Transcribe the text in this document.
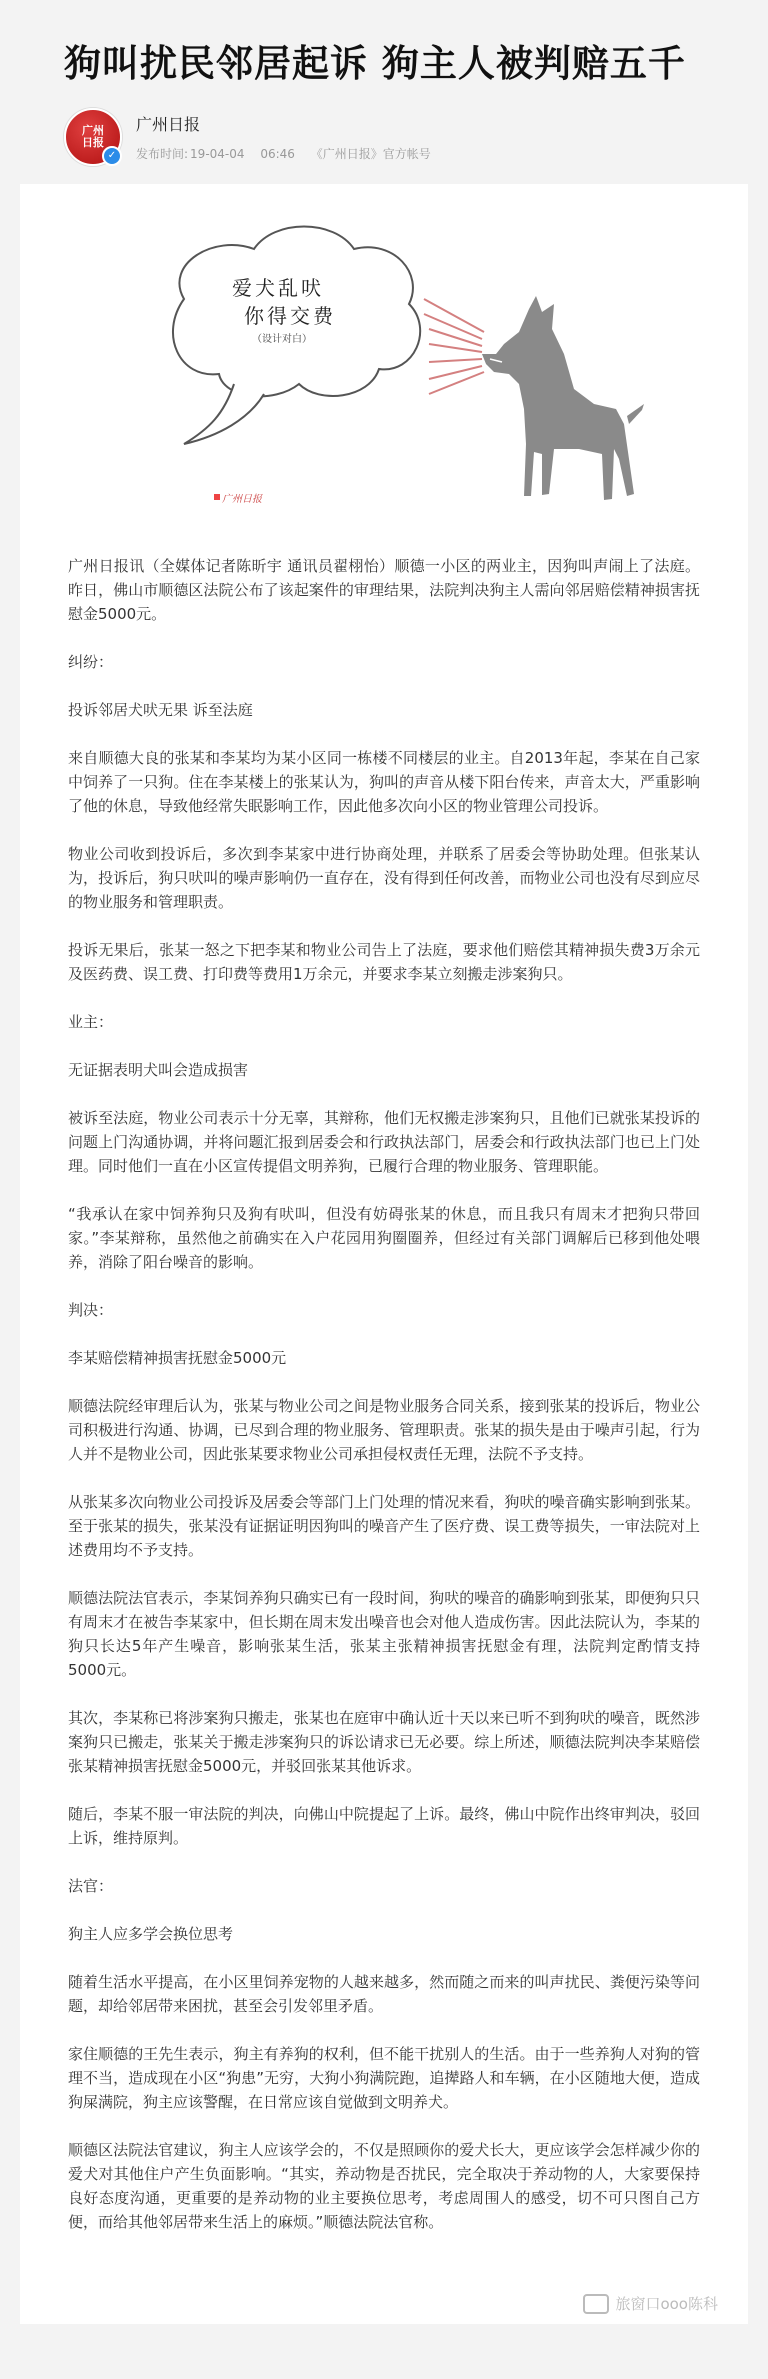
狗叫扰民邻居起诉 狗主人被判赔五千
广州日报
✓
广州日报
发布时间: 19-04-04 06:46 《广州日报》官方帐号
爱犬乱吠
你得交费
（设计对白）
广州日报

广州日报讯（全媒体记者陈昕宇 通讯员翟栩怡）顺德一小区的两业主，因狗叫声闹上了法庭。昨日，佛山市顺德区法院公布了该起案件的审理结果，法院判决狗主人需向邻居赔偿精神损害抚慰金5000元。

纠纷：

投诉邻居犬吠无果 诉至法庭

来自顺德大良的张某和李某均为某小区同一栋楼不同楼层的业主。自2013年起，李某在自己家中饲养了一只狗。住在李某楼上的张某认为，狗叫的声音从楼下阳台传来，声音太大，严重影响了他的休息，导致他经常失眠影响工作，因此他多次向小区的物业管理公司投诉。

物业公司收到投诉后，多次到李某家中进行协商处理，并联系了居委会等协助处理。但张某认为，投诉后，狗只吠叫的噪声影响仍一直存在，没有得到任何改善，而物业公司也没有尽到应尽的物业服务和管理职责。

投诉无果后，张某一怒之下把李某和物业公司告上了法庭，要求他们赔偿其精神损失费3万余元及医药费、误工费、打印费等费用1万余元，并要求李某立刻搬走涉案狗只。

业主：

无证据表明犬叫会造成损害

被诉至法庭，物业公司表示十分无辜，其辩称，他们无权搬走涉案狗只，且他们已就张某投诉的问题上门沟通协调，并将问题汇报到居委会和行政执法部门，居委会和行政执法部门也已上门处理。同时他们一直在小区宣传提倡文明养狗，已履行合理的物业服务、管理职能。

“我承认在家中饲养狗只及狗有吠叫，但没有妨碍张某的休息，而且我只有周末才把狗只带回家。”李某辩称，虽然他之前确实在入户花园用狗圈圈养，但经过有关部门调解后已移到他处喂养，消除了阳台噪音的影响。

判决：

李某赔偿精神损害抚慰金5000元

顺德法院经审理后认为，张某与物业公司之间是物业服务合同关系，接到张某的投诉后，物业公司积极进行沟通、协调，已尽到合理的物业服务、管理职责。张某的损失是由于噪声引起，行为人并不是物业公司，因此张某要求物业公司承担侵权责任无理，法院不予支持。

从张某多次向物业公司投诉及居委会等部门上门处理的情况来看，狗吠的噪音确实影响到张某。至于张某的损失，张某没有证据证明因狗叫的噪音产生了医疗费、误工费等损失，一审法院对上述费用均不予支持。

顺德法院法官表示，李某饲养狗只确实已有一段时间，狗吠的噪音的确影响到张某，即便狗只只有周末才在被告李某家中，但长期在周末发出噪音也会对他人造成伤害。因此法院认为，李某的狗只长达5年产生噪音，影响张某生活，张某主张精神损害抚慰金有理，法院判定酌情支持5000元。

其次，李某称已将涉案狗只搬走，张某也在庭审中确认近十天以来已听不到狗吠的噪音，既然涉案狗只已搬走，张某关于搬走涉案狗只的诉讼请求已无必要。综上所述，顺德法院判决李某赔偿张某精神损害抚慰金5000元，并驳回张某其他诉求。

随后，李某不服一审法院的判决，向佛山中院提起了上诉。最终，佛山中院作出终审判决，驳回上诉，维持原判。

法官：

狗主人应多学会换位思考

随着生活水平提高，在小区里饲养宠物的人越来越多，然而随之而来的叫声扰民、粪便污染等问题，却给邻居带来困扰，甚至会引发邻里矛盾。

家住顺德的王先生表示，狗主有养狗的权利，但不能干扰别人的生活。由于一些养狗人对狗的管理不当，造成现在小区“狗患”无穷，大狗小狗满院跑，追撵路人和车辆，在小区随地大便，造成狗屎满院，狗主应该警醒，在日常应该自觉做到文明养犬。

顺德区法院法官建议，狗主人应该学会的，不仅是照顾你的爱犬长大，更应该学会怎样减少你的爱犬对其他住户产生负面影响。“其实，养动物是否扰民，完全取决于养动物的人，大家要保持良好态度沟通，更重要的是养动物的业主要换位思考，考虑周围人的感受，切不可只图自己方便，而给其他邻居带来生活上的麻烦。”顺德法院法官称。

旅窗口ooo陈科
